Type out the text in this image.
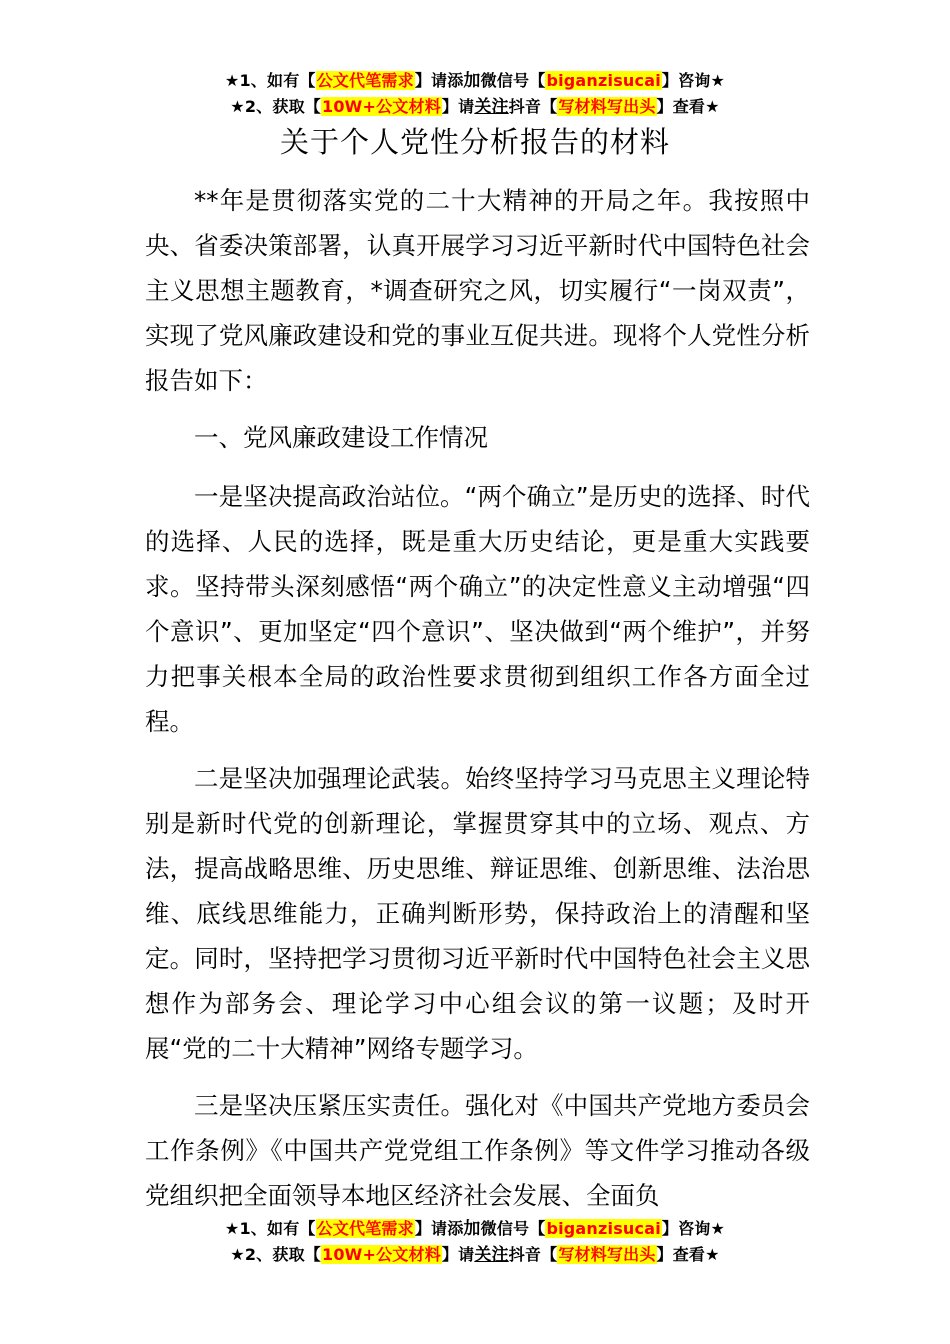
★1、如有【公文代笔需求】请添加微信号【biganzisucai】咨询★
★2、获取【10W+公文材料】请关注抖音【写材料写出头】查看★
关于个人党性分析报告的材料

**年是贯彻落实党的二十大精神的开局之年。我按照中央、省委决策部署，认真开展学习习近平新时代中国特色社会主义思想主题教育，*调查研究之风，切实履行“一岗双责”，实现了党风廉政建设和党的事业互促共进。现将个人党性分析报告如下：

一、党风廉政建设工作情况

一是坚决提高政治站位。“两个确立”是历史的选择、时代的选择、人民的选择，既是重大历史结论，更是重大实践要求。坚持带头深刻感悟“两个确立”的决定性意义主动增强“四个意识”、更加坚定“四个意识”、坚决做到“两个维护”，并努力把事关根本全局的政治性要求贯彻到组织工作各方面全过程。

二是坚决加强理论武装。始终坚持学习马克思主义理论特别是新时代党的创新理论，掌握贯穿其中的立场、观点、方法，提高战略思维、历史思维、辩证思维、创新思维、法治思维、底线思维能力，正确判断形势，保持政治上的清醒和坚定。同时，坚持把学习贯彻习近平新时代中国特色社会主义思想作为部务会、理论学习中心组会议的第一议题；及时开展“党的二十大精神”网络专题学习。

三是坚决压紧压实责任。强化对《中国共产党地方委员会工作条例》《中国共产党党组工作条例》等文件学习推动各级党组织把全面领导本地区经济社会发展、全面负

★1、如有【公文代笔需求】请添加微信号【biganzisucai】咨询★
★2、获取【10W+公文材料】请关注抖音【写材料写出头】查看★
